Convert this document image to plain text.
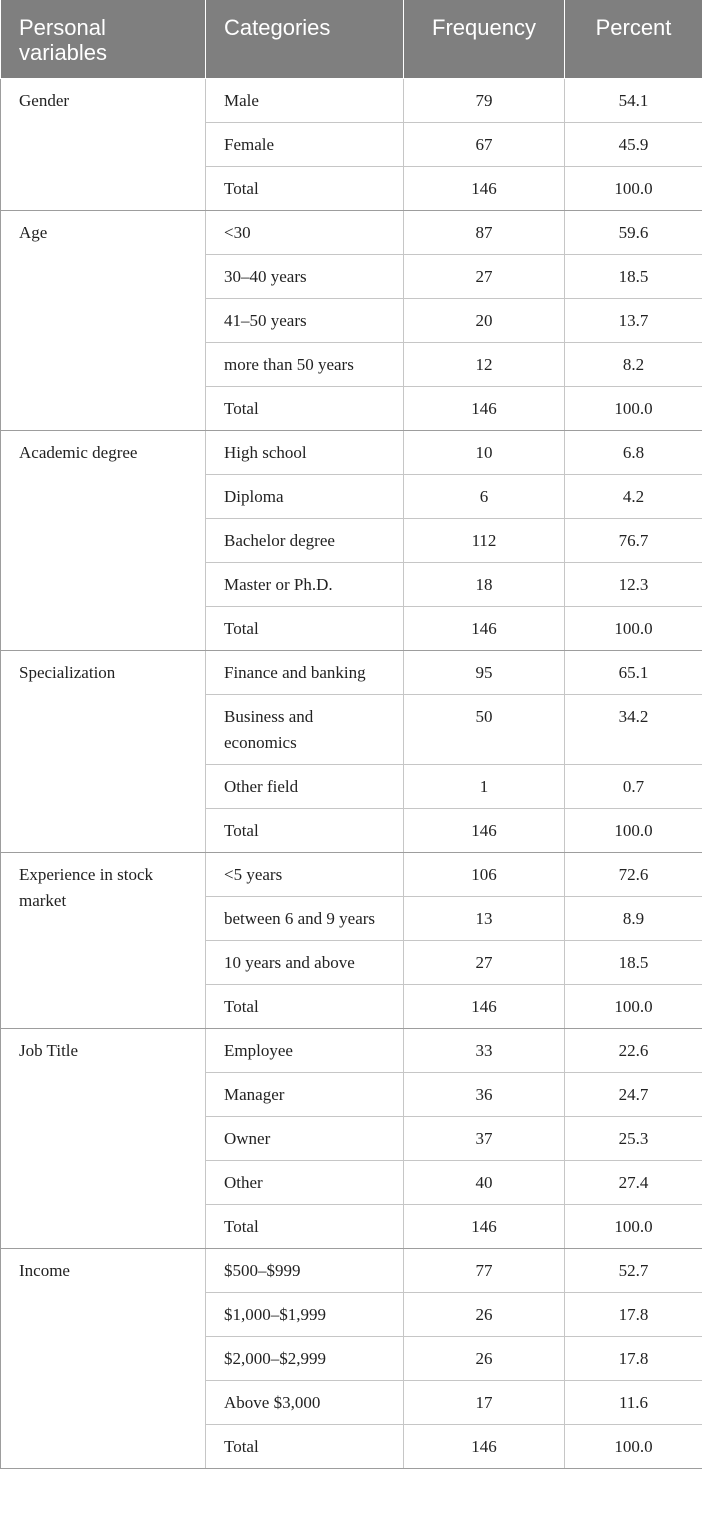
Personal variables	Categories	Frequency	Percent
Gender	Male	79	54.1
	Female	67	45.9
	Total	146	100.0
Age	<30	87	59.6
	30–40 years	27	18.5
	41–50 years	20	13.7
	more than 50 years	12	8.2
	Total	146	100.0
Academic degree	High school	10	6.8
	Diploma	6	4.2
	Bachelor degree	112	76.7
	Master or Ph.D.	18	12.3
	Total	146	100.0
Specialization	Finance and banking	95	65.1
	Business and economics	50	34.2
	Other field	1	0.7
	Total	146	100.0
Experience in stock market	<5 years	106	72.6
	between 6 and 9 years	13	8.9
	10 years and above	27	18.5
	Total	146	100.0
Job Title	Employee	33	22.6
	Manager	36	24.7
	Owner	37	25.3
	Other	40	27.4
	Total	146	100.0
Income	$500–$999	77	52.7
	$1,000–$1,999	26	17.8
	$2,000–$2,999	26	17.8
	Above $3,000	17	11.6
	Total	146	100.0
